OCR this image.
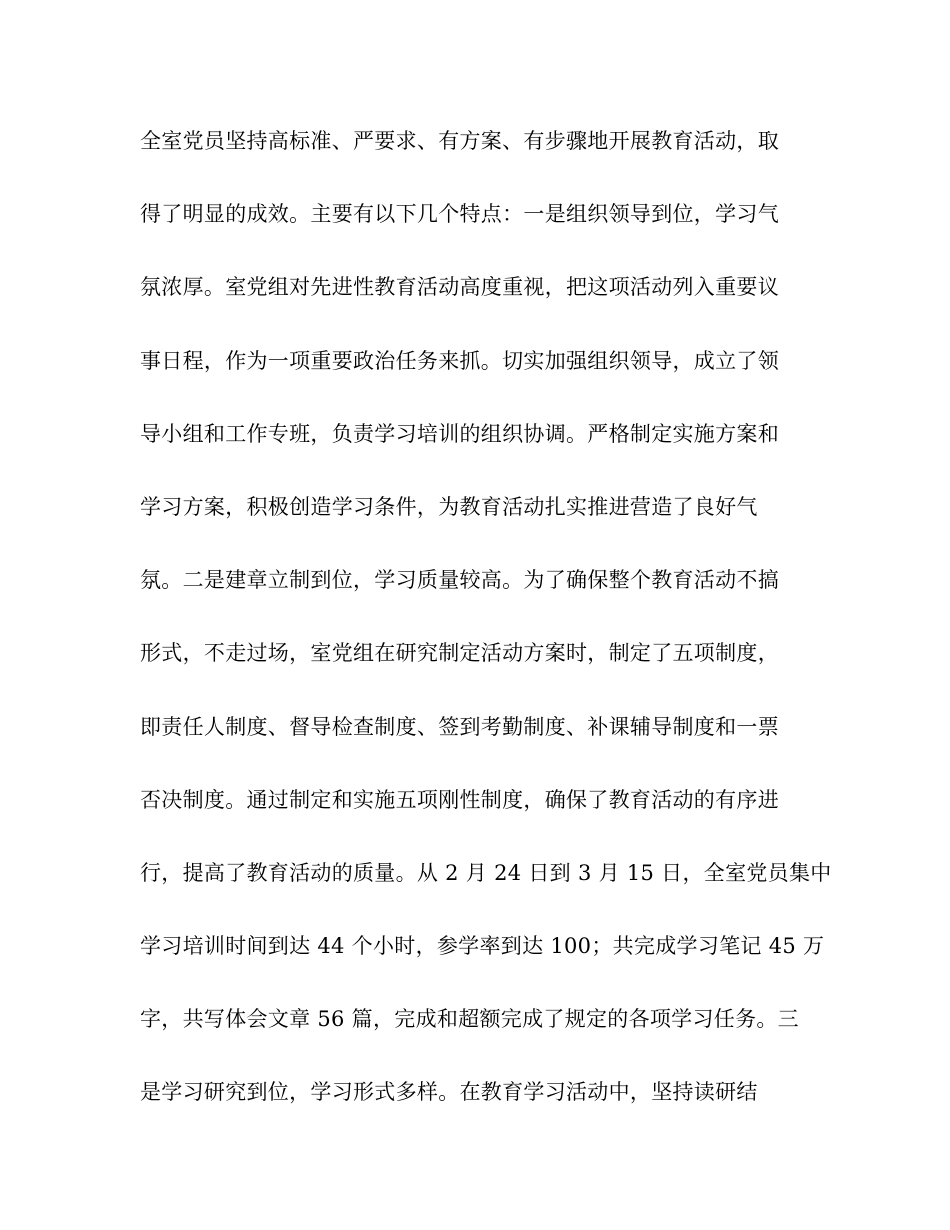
全室党员坚持高标准、严要求、有方案、有步骤地开展教育活动，取
得了明显的成效。主要有以下几个特点：一是组织领导到位，学习气
氛浓厚。室党组对先进性教育活动高度重视，把这项活动列入重要议
事日程，作为一项重要政治任务来抓。切实加强组织领导，成立了领
导小组和工作专班，负责学习培训的组织协调。严格制定实施方案和
学习方案，积极创造学习条件，为教育活动扎实推进营造了良好气
氛。二是建章立制到位，学习质量较高。为了确保整个教育活动不搞
形式，不走过场，室党组在研究制定活动方案时，制定了五项制度，
即责任人制度、督导检查制度、签到考勤制度、补课辅导制度和一票
否决制度。通过制定和实施五项刚性制度，确保了教育活动的有序进
行，提高了教育活动的质量。从 2 月 24 日到 3 月 15 日，全室党员集中
学习培训时间到达 44 个小时，参学率到达 100；共完成学习笔记 45 万
字，共写体会文章 56 篇，完成和超额完成了规定的各项学习任务。三
是学习研究到位，学习形式多样。在教育学习活动中，坚持读研结
